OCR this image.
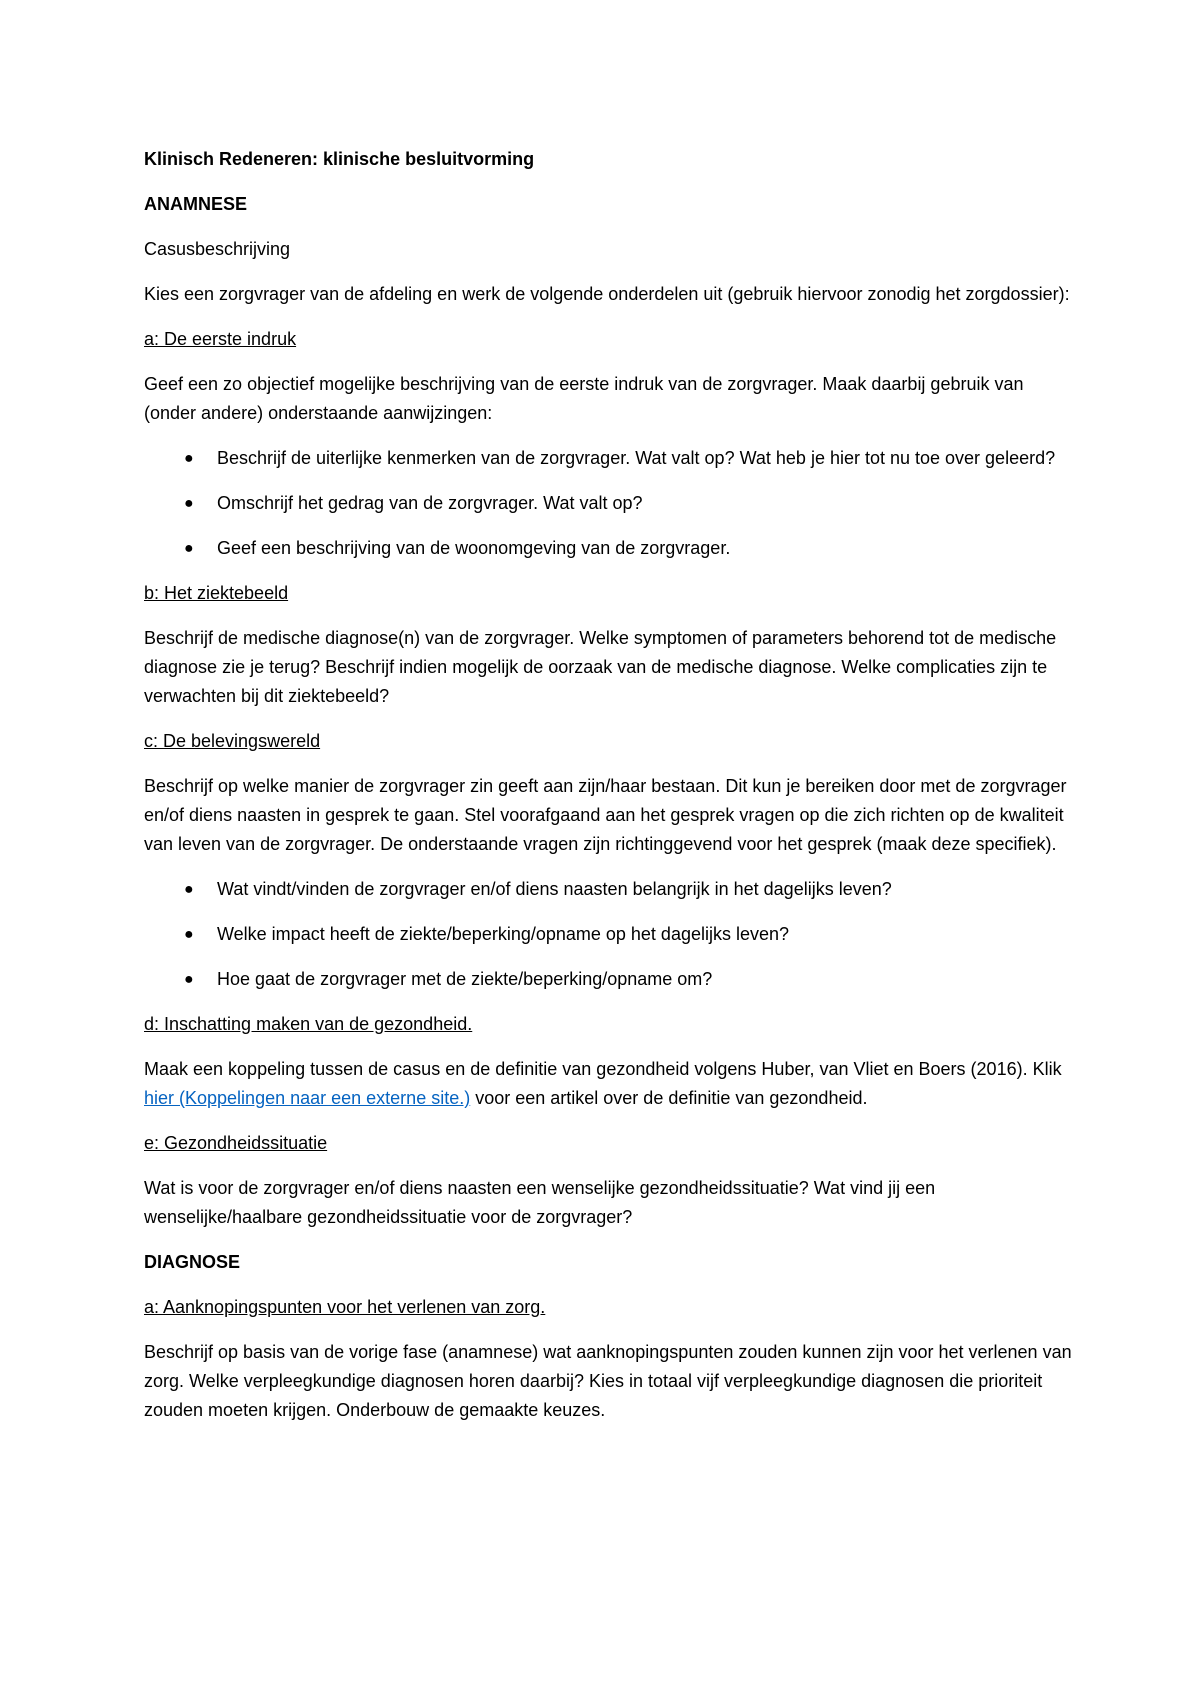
Klinisch Redeneren: klinische besluitvorming

ANAMNESE

Casusbeschrijving

Kies een zorgvrager van de afdeling en werk de volgende onderdelen uit (gebruik hiervoor zonodig het zorgdossier):

a: De eerste indruk

Geef een zo objectief mogelijke beschrijving van de eerste indruk van de zorgvrager. Maak daarbij gebruik van (onder andere) onderstaande aanwijzingen:

● Beschrijf de uiterlijke kenmerken van de zorgvrager. Wat valt op? Wat heb je hier tot nu toe over geleerd?
● Omschrijf het gedrag van de zorgvrager. Wat valt op?
● Geef een beschrijving van de woonomgeving van de zorgvrager.

b: Het ziektebeeld

Beschrijf de medische diagnose(n) van de zorgvrager. Welke symptomen of parameters behorend tot de medische diagnose zie je terug? Beschrijf indien mogelijk de oorzaak van de medische diagnose. Welke complicaties zijn te verwachten bij dit ziektebeeld?

c: De belevingswereld

Beschrijf op welke manier de zorgvrager zin geeft aan zijn/haar bestaan. Dit kun je bereiken door met de zorgvrager en/of diens naasten in gesprek te gaan. Stel voorafgaand aan het gesprek vragen op die zich richten op de kwaliteit van leven van de zorgvrager. De onderstaande vragen zijn richtinggevend voor het gesprek (maak deze specifiek).

● Wat vindt/vinden de zorgvrager en/of diens naasten belangrijk in het dagelijks leven?
● Welke impact heeft de ziekte/beperking/opname op het dagelijks leven?
● Hoe gaat de zorgvrager met de ziekte/beperking/opname om?

d: Inschatting maken van de gezondheid.

Maak een koppeling tussen de casus en de definitie van gezondheid volgens Huber, van Vliet en Boers (2016). Klik hier (Koppelingen naar een externe site.) voor een artikel over de definitie van gezondheid.

e: Gezondheidssituatie

Wat is voor de zorgvrager en/of diens naasten een wenselijke gezondheidssituatie? Wat vind jij een wenselijke/haalbare gezondheidssituatie voor de zorgvrager?

DIAGNOSE

a: Aanknopingspunten voor het verlenen van zorg.

Beschrijf op basis van de vorige fase (anamnese) wat aanknopingspunten zouden kunnen zijn voor het verlenen van zorg. Welke verpleegkundige diagnosen horen daarbij? Kies in totaal vijf verpleegkundige diagnosen die prioriteit zouden moeten krijgen. Onderbouw de gemaakte keuzes.
